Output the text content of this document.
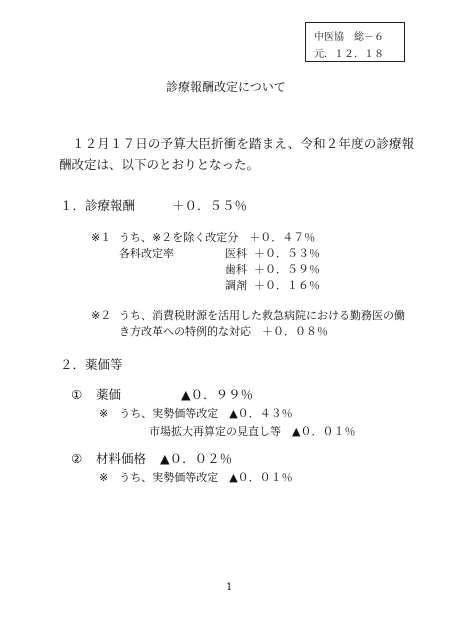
中医協　総－６
元．１２．１８
診療報酬改定について
１２月１７日の予算大臣折衝を踏まえ、令和２年度の診療報
酬改定は、以下のとおりとなった。
１．診療報酬	＋０．５５％
※１ うち、※２を除く改定分　＋０．４７％
各科改定率	医科 ＋０．５３％
歯科 ＋０．５９％
調剤 ＋０．１６％
※２ うち、消費税財源を活用した救急病院における勤務医の働
き方改革への特例的な対応　＋０．０８％
２．薬価等
① 薬価	▲０．９９％
※　うち、実勢価等改定　▲０．４３％
市場拡大再算定の見直し等　▲０．０１％
② 材料価格 ▲０．０２％
※　うち、実勢価等改定　▲０．０１％
1
